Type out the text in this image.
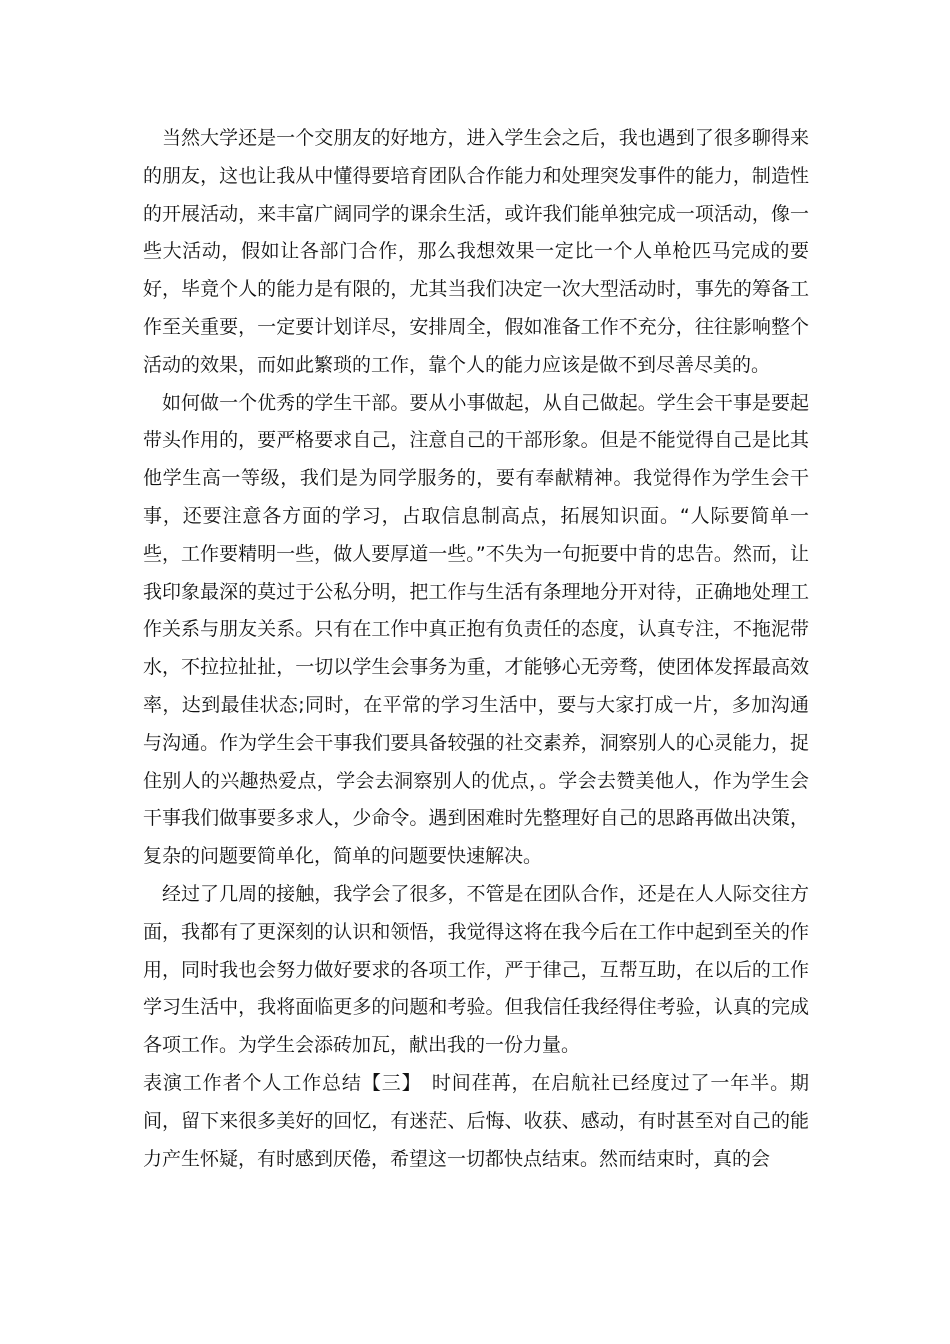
当然大学还是一个交朋友的好地方，进入学生会之后，我也遇到了很多聊得来的朋友，这也让我从中懂得要培育团队合作能力和处理突发事件的能力，制造性的开展活动，来丰富广阔同学的课余生活，或许我们能单独完成一项活动，像一些大活动，假如让各部门合作，那么我想效果一定比一个人单枪匹马完成的要好，毕竟个人的能力是有限的，尤其当我们决定一次大型活动时，事先的筹备工作至关重要，一定要计划详尽，安排周全，假如准备工作不充分，往往影响整个活动的效果，而如此繁琐的工作，靠个人的能力应该是做不到尽善尽美的。

如何做一个优秀的学生干部。要从小事做起，从自己做起。学生会干事是要起带头作用的，要严格要求自己，注意自己的干部形象。但是不能觉得自己是比其他学生高一等级，我们是为同学服务的，要有奉献精神。我觉得作为学生会干事，还要注意各方面的学习，占取信息制高点，拓展知识面。“人际要简单一些，工作要精明一些，做人要厚道一些。”不失为一句扼要中肯的忠告。然而，让我印象最深的莫过于公私分明，把工作与生活有条理地分开对待，正确地处理工作关系与朋友关系。只有在工作中真正抱有负责任的态度，认真专注，不拖泥带水，不拉拉扯扯，一切以学生会事务为重，才能够心无旁骛，使团体发挥最高效率，达到最佳状态;同时，在平常的学习生活中，要与大家打成一片，多加沟通与沟通。作为学生会干事我们要具备较强的社交素养，洞察别人的心灵能力，捉住别人的兴趣热爱点，学会去洞察别人的优点，。学会去赞美他人，作为学生会干事我们做事要多求人，少命令。遇到困难时先整理好自己的思路再做出决策，复杂的问题要简单化，简单的问题要快速解决。

经过了几周的接触，我学会了很多，不管是在团队合作，还是在人人际交往方面，我都有了更深刻的认识和领悟，我觉得这将在我今后在工作中起到至关的作用，同时我也会努力做好要求的各项工作，严于律己，互帮互助，在以后的工作学习生活中，我将面临更多的问题和考验。但我信任我经得住考验，认真的完成各项工作。为学生会添砖加瓦，献出我的一份力量。

表演工作者个人工作总结【三】　时间荏苒，在启航社已经度过了一年半。期间，留下来很多美好的回忆，有迷茫、后悔、收获、感动，有时甚至对自己的能力产生怀疑，有时感到厌倦，希望这一切都快点结束。然而结束时，真的会
